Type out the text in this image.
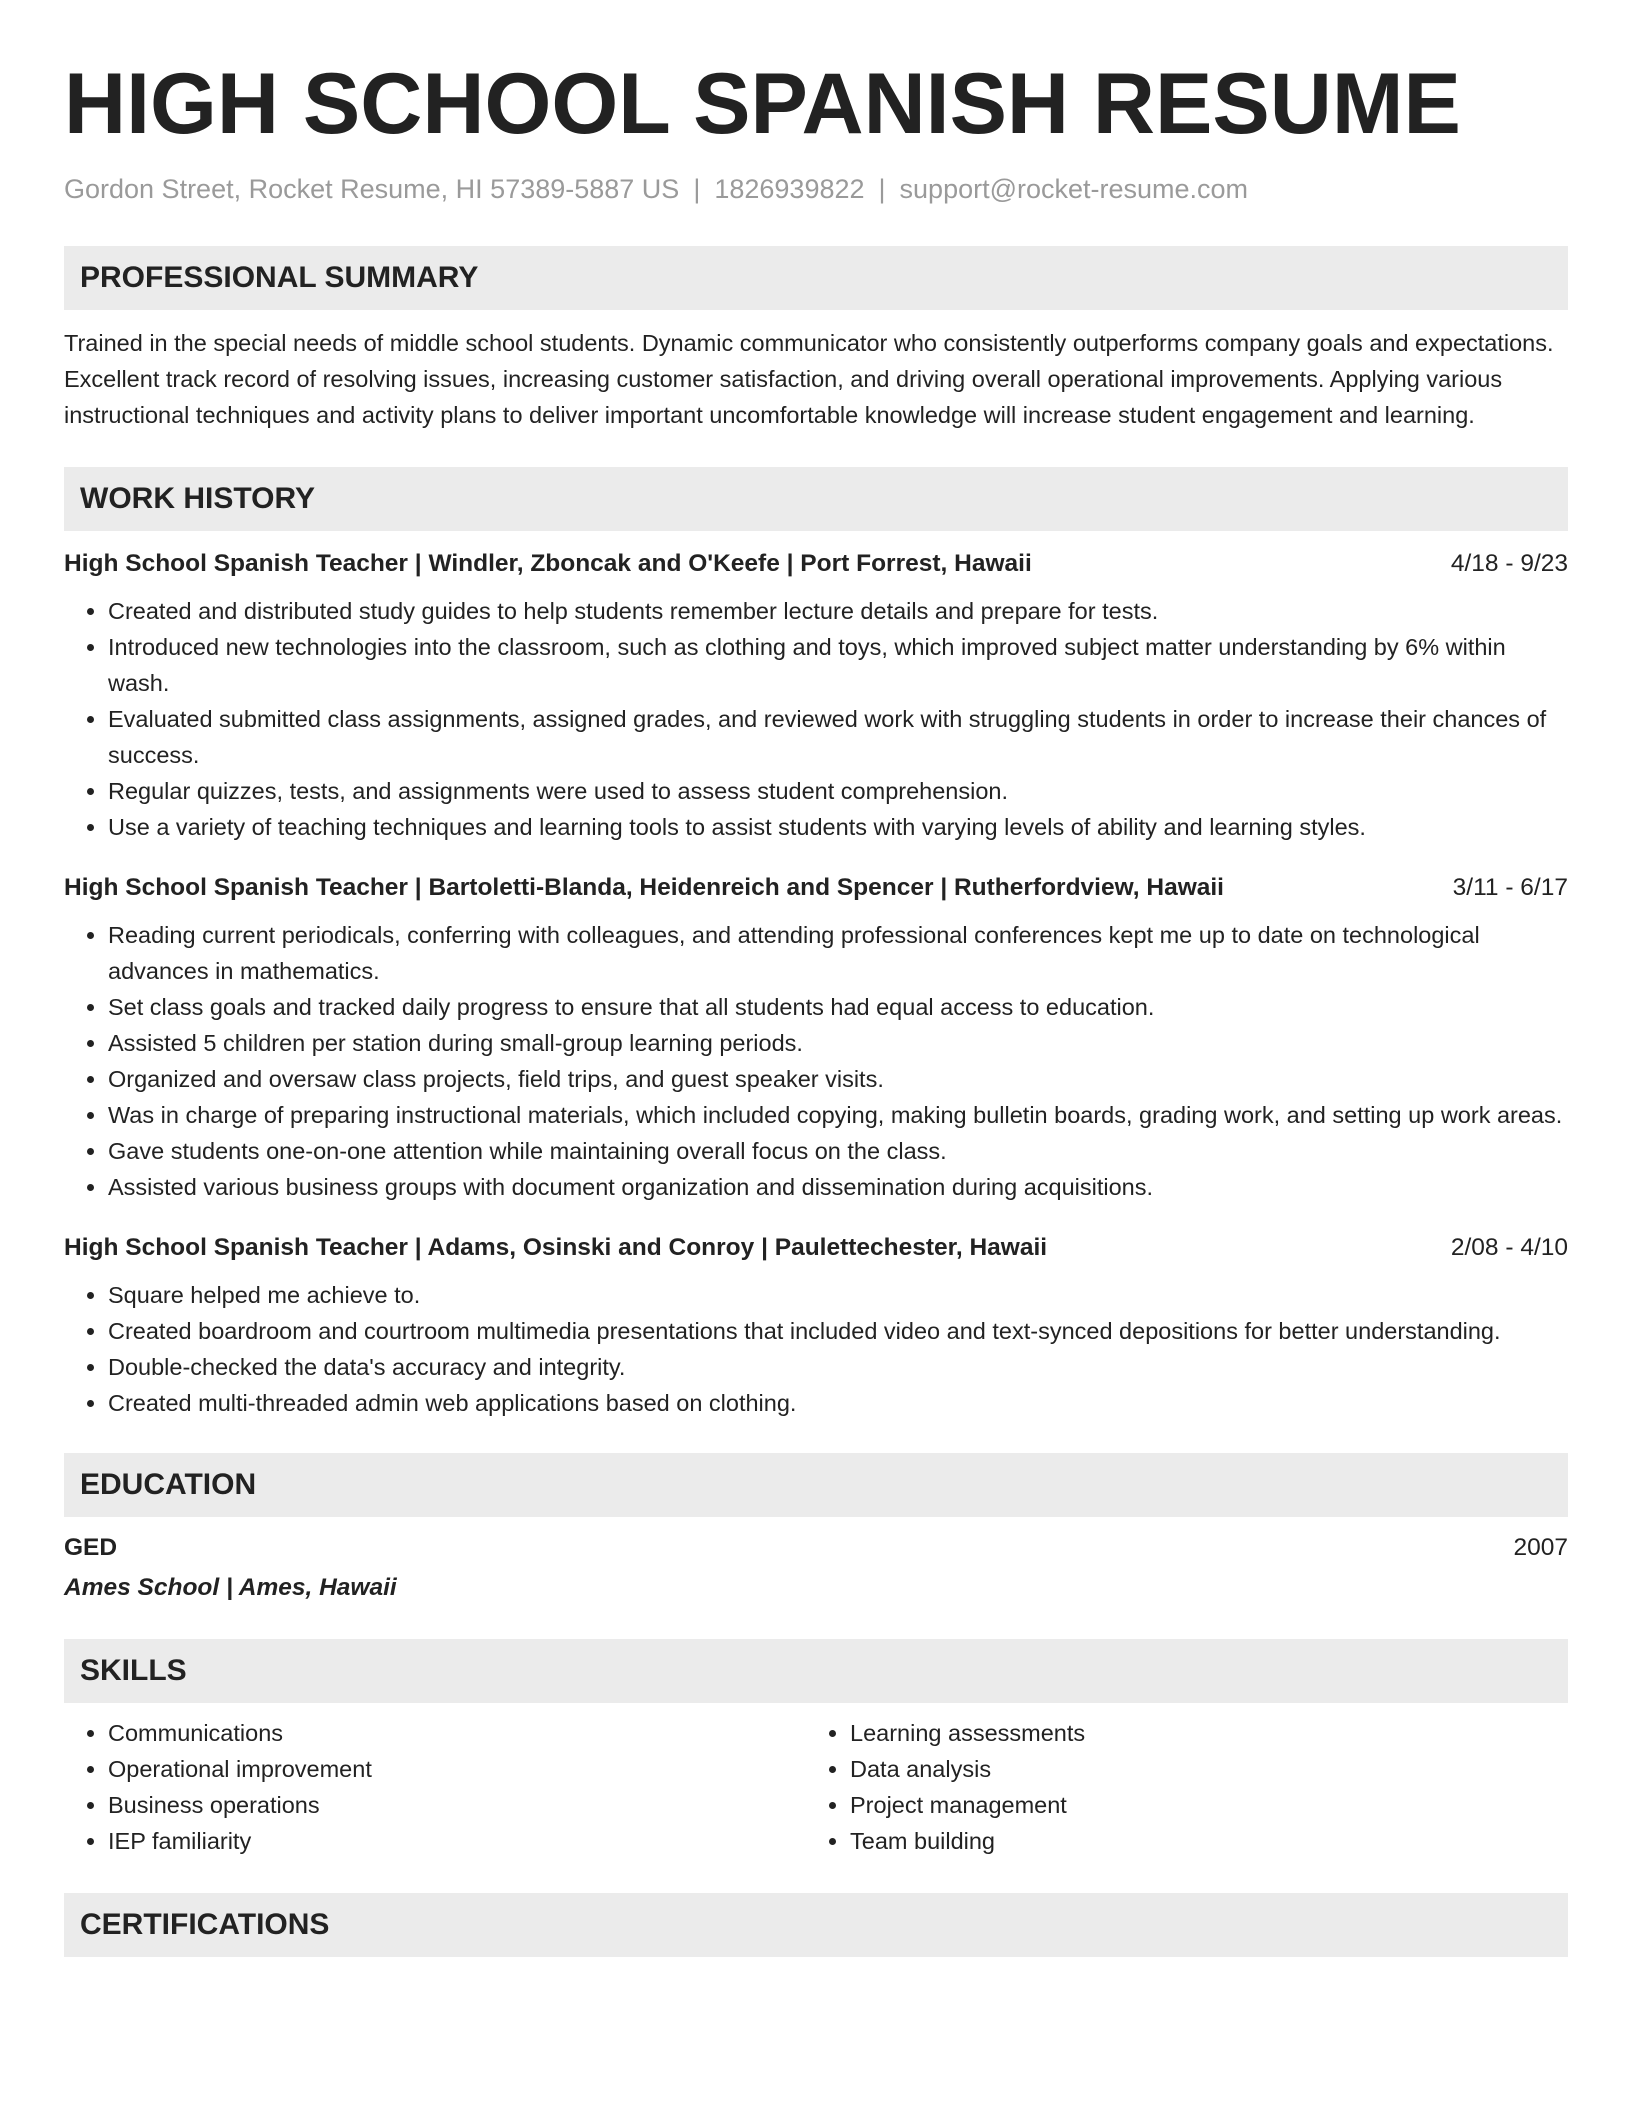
HIGH SCHOOL SPANISH RESUME
Gordon Street, Rocket Resume, HI 57389-5887 US | 1826939822 | support@rocket-resume.com
PROFESSIONAL SUMMARY
Trained in the special needs of middle school students. Dynamic communicator who consistently outperforms company goals and expectations. Excellent track record of resolving issues, increasing customer satisfaction, and driving overall operational improvements. Applying various instructional techniques and activity plans to deliver important uncomfortable knowledge will increase student engagement and learning.
WORK HISTORY
High School Spanish Teacher | Windler, Zboncak and O'Keefe | Port Forrest, Hawaii	4/18 - 9/23
• Created and distributed study guides to help students remember lecture details and prepare for tests.
• Introduced new technologies into the classroom, such as clothing and toys, which improved subject matter understanding by 6% within wash.
• Evaluated submitted class assignments, assigned grades, and reviewed work with struggling students in order to increase their chances of success.
• Regular quizzes, tests, and assignments were used to assess student comprehension.
• Use a variety of teaching techniques and learning tools to assist students with varying levels of ability and learning styles.
High School Spanish Teacher | Bartoletti-Blanda, Heidenreich and Spencer | Rutherfordview, Hawaii	3/11 - 6/17
• Reading current periodicals, conferring with colleagues, and attending professional conferences kept me up to date on technological advances in mathematics.
• Set class goals and tracked daily progress to ensure that all students had equal access to education.
• Assisted 5 children per station during small-group learning periods.
• Organized and oversaw class projects, field trips, and guest speaker visits.
• Was in charge of preparing instructional materials, which included copying, making bulletin boards, grading work, and setting up work areas.
• Gave students one-on-one attention while maintaining overall focus on the class.
• Assisted various business groups with document organization and dissemination during acquisitions.
High School Spanish Teacher | Adams, Osinski and Conroy | Paulettechester, Hawaii	2/08 - 4/10
• Square helped me achieve to.
• Created boardroom and courtroom multimedia presentations that included video and text-synced depositions for better understanding.
• Double-checked the data's accuracy and integrity.
• Created multi-threaded admin web applications based on clothing.
EDUCATION
GED	2007
Ames School | Ames, Hawaii
SKILLS
• Communications
• Operational improvement
• Business operations
• IEP familiarity
• Learning assessments
• Data analysis
• Project management
• Team building
CERTIFICATIONS
